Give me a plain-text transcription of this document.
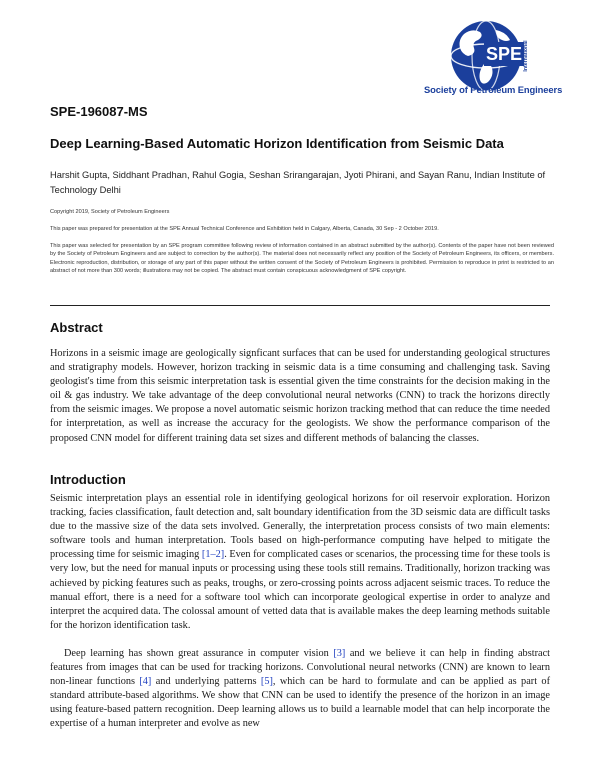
SPE International

Society of Petroleum Engineers

SPE-196087-MS

Deep Learning-Based Automatic Horizon Identification from Seismic Data

Harshit Gupta, Siddhant Pradhan, Rahul Gogia, Seshan Srirangarajan, Jyoti Phirani, and Sayan Ranu, Indian Institute of Technology Delhi

Copyright 2019, Society of Petroleum Engineers

This paper was prepared for presentation at the SPE Annual Technical Conference and Exhibition held in Calgary, Alberta, Canada, 30 Sep - 2 October 2019.

This paper was selected for presentation by an SPE program committee following review of information contained in an abstract submitted by the author(s). Contents of the paper have not been reviewed by the Society of Petroleum Engineers and are subject to correction by the author(s). The material does not necessarily reflect any position of the Society of Petroleum Engineers, its officers, or members. Electronic reproduction, distribution, or storage of any part of this paper without the written consent of the Society of Petroleum Engineers is prohibited. Permission to reproduce in print is restricted to an abstract of not more than 300 words; illustrations may not be copied. The abstract must contain conspicuous acknowledgment of SPE copyright.

Abstract

Horizons in a seismic image are geologically signficant surfaces that can be used for understanding geological structures and stratigraphy models. However, horizon tracking in seismic data is a time consuming and challenging task. Saving geologist's time from this seismic interpretation task is essential given the time constraints for the decision making in the oil & gas industry. We take advantage of the deep convolutional neural networks (CNN) to track the horizons directly from the seismic images. We propose a novel automatic seismic horizon tracking method that can reduce the time needed for interpretation, as well as increase the accuracy for the geologists. We show the performance comparison of the proposed CNN model for different training data set sizes and different methods of balancing the classes.

Introduction

Seismic interpretation plays an essential role in identifying geological horizons for oil reservoir exploration. Horizon tracking, facies classification, fault detection and, salt boundary identification from the 3D seismic data are difficult tasks due to the massive size of the data sets involved. Generally, the interpretation process consists of two main elements: software tools and human interpretation. Tools based on high-performance computing have helped to mitigate the processing time for seismic imaging [1–2]. Even for complicated cases or scenarios, the processing time for these tools is very low, but the need for manual inputs or processing using these tools still remains. Traditionally, horizon tracking was achieved by picking features such as peaks, troughs, or zero-crossing points across adjacent seismic traces. To reduce the manual effort, there is a need for a software tool which can incorporate geological expertise in order to analyze and interpret the acquired data. The colossal amount of vetted data that is available makes the deep learning methods suitable for the horizon identification task.

Deep learning has shown great assurance in computer vision [3] and we believe it can help in finding abstract features from images that can be used for tracking horizons. Convolutional neural networks (CNN) are known to learn non-linear functions [4] and underlying patterns [5], which can be hard to formulate and can be applied as part of standard attribute-based algorithms. We show that CNN can be used to identify the presence of the horizon in an image using feature-based pattern recognition. Deep learning allows us to build a learnable model that can help incorporate the expertise of a human interpreter and evolve as new
